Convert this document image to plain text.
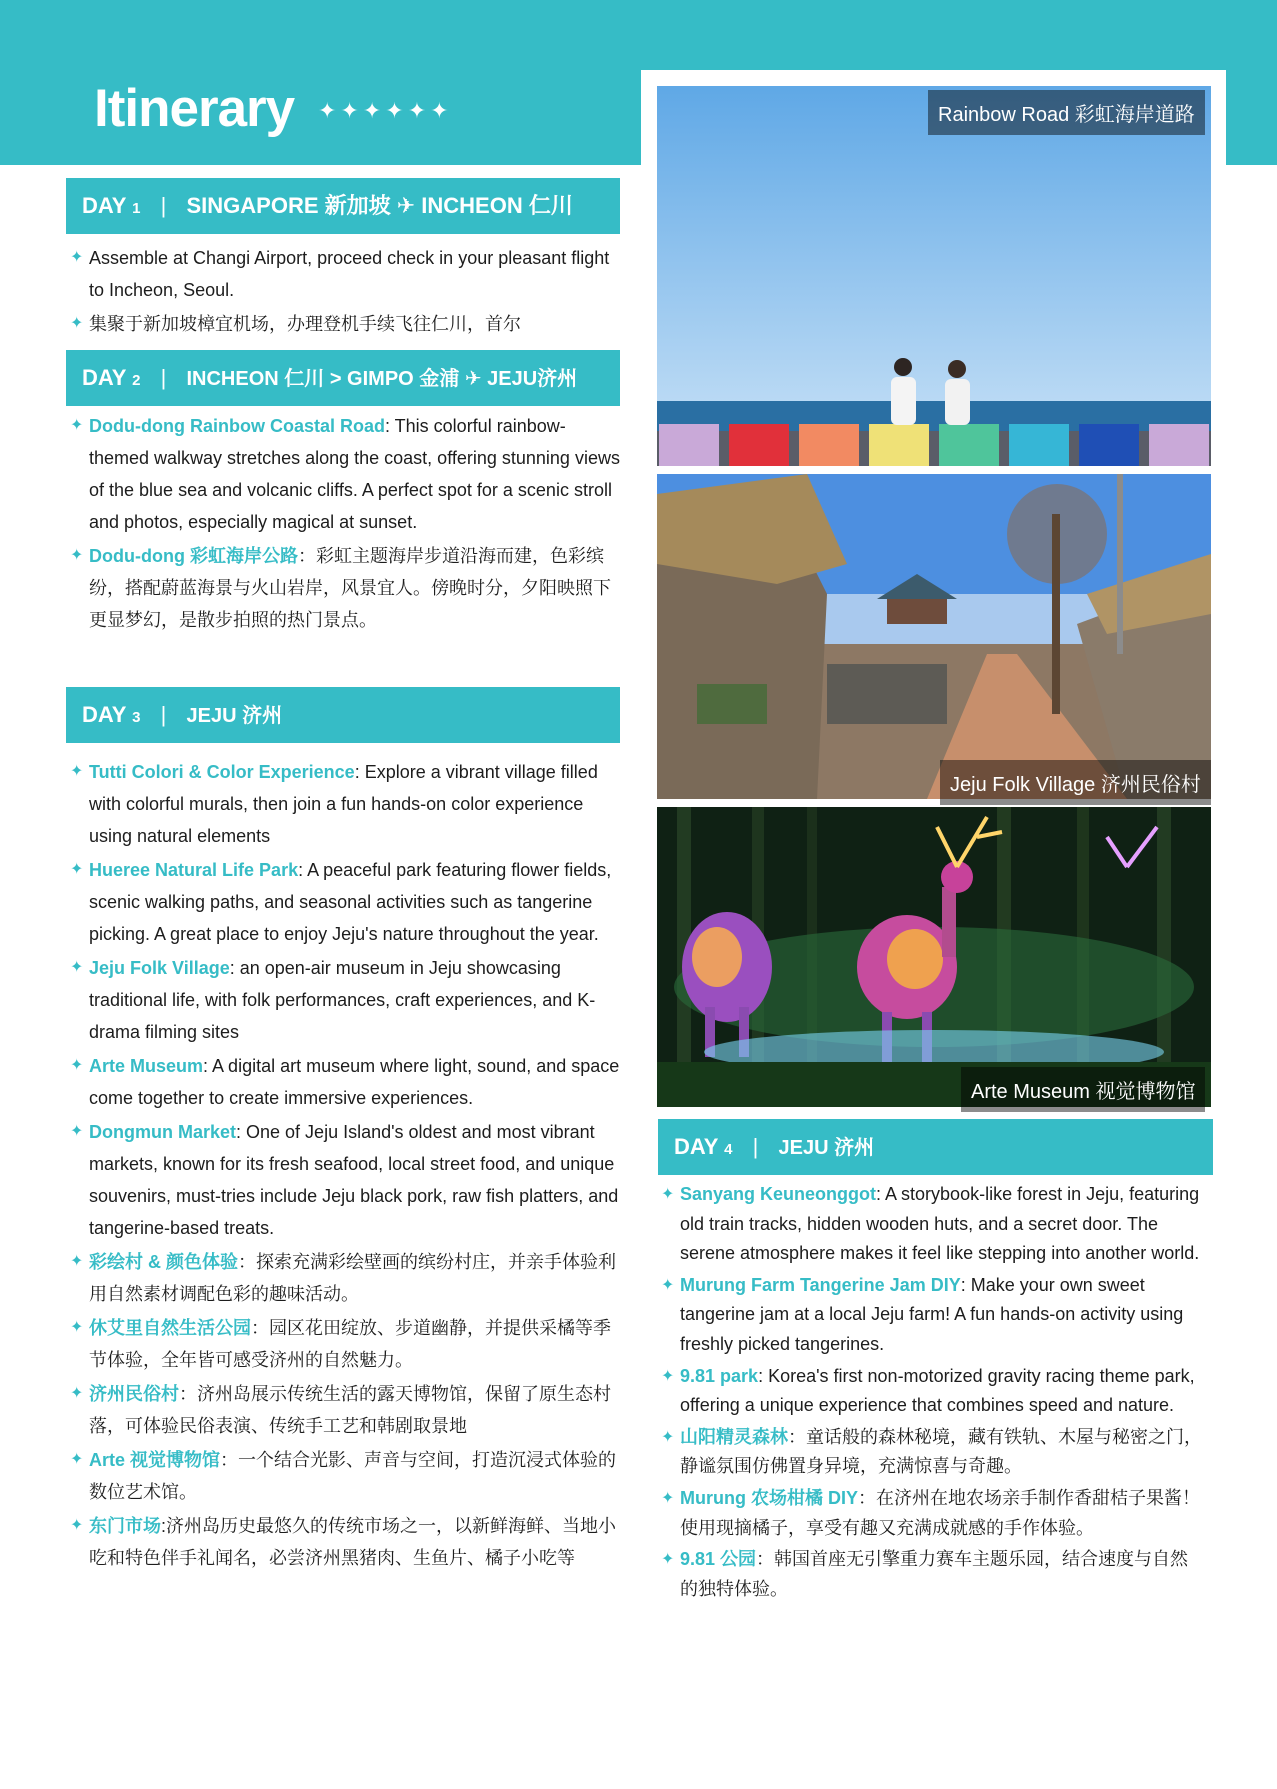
Itinerary ✦✦✦✦✦✦	Rainbow Road 彩虹海岸道路
Jeju Folk Village 济州民俗村
Arte Museum 视觉博物馆
DAY 1 | SINGAPORE 新加坡 ✈ INCHEON 仁川
✦ Assemble at Changi Airport, proceed check in your pleasant flight to Incheon, Seoul.
✦ 集聚于新加坡樟宜机场，办理登机手续飞往仁川，首尔
DAY 2 | INCHEON 仁川 > GIMPO 金浦 ✈ JEJU济州
✦ Dodu-dong Rainbow Coastal Road: This colorful rainbow-themed walkway stretches along the coast, offering stunning views of the blue sea and volcanic cliffs. A perfect spot for a scenic stroll and photos, especially magical at sunset.
✦ Dodu-dong 彩虹海岸公路：彩虹主题海岸步道沿海而建，色彩缤纷，搭配蔚蓝海景与火山岩岸，风景宜人。傍晚时分，夕阳映照下更显梦幻，是散步拍照的热门景点。
DAY 3 | JEJU 济州
✦ Tutti Colori & Color Experience: Explore a vibrant village filled with colorful murals, then join a fun hands-on color experience using natural elements
✦ Hueree Natural Life Park: A peaceful park featuring flower fields, scenic walking paths, and seasonal activities such as tangerine picking. A great place to enjoy Jeju's nature throughout the year.
✦ Jeju Folk Village: an open-air museum in Jeju showcasing traditional life, with folk performances, craft experiences, and K-drama filming sites
✦ Arte Museum: A digital art museum where light, sound, and space come together to create immersive experiences.
✦ Dongmun Market: One of Jeju Island's oldest and most vibrant markets, known for its fresh seafood, local street food, and unique souvenirs, must-tries include Jeju black pork, raw fish platters, and tangerine-based treats.
✦ 彩绘村 & 颜色体验：探索充满彩绘壁画的缤纷村庄，并亲手体验利用自然素材调配色彩的趣味活动。
✦ 休艾里自然生活公园：园区花田绽放、步道幽静，并提供采橘等季节体验，全年皆可感受济州的自然魅力。
✦ 济州民俗村：济州岛展示传统生活的露天博物馆，保留了原生态村落，可体验民俗表演、传统手工艺和韩剧取景地
✦ Arte 视觉博物馆：一个结合光影、声音与空间，打造沉浸式体验的数位艺术馆。
✦ 东门市场:济州岛历史最悠久的传统市场之一，以新鲜海鲜、当地小吃和特色伴手礼闻名，必尝济州黑猪肉、生鱼片、橘子小吃等
DAY 4 | JEJU 济州
✦ Sanyang Keuneonggot: A storybook-like forest in Jeju, featuring old train tracks, hidden wooden huts, and a secret door. The serene atmosphere makes it feel like stepping into another world.
✦ Murung Farm Tangerine Jam DIY: Make your own sweet tangerine jam at a local Jeju farm! A fun hands-on activity using freshly picked tangerines.
✦ 9.81 park: Korea's first non-motorized gravity racing theme park, offering a unique experience that combines speed and nature.
✦ 山阳精灵森林：童话般的森林秘境，藏有铁轨、木屋与秘密之门，静谧氛围仿佛置身异境，充满惊喜与奇趣。
✦ Murung 农场柑橘 DIY：在济州在地农场亲手制作香甜桔子果酱！使用现摘橘子，享受有趣又充满成就感的手作体验。
✦ 9.81 公园：韩国首座无引擎重力赛车主题乐园，结合速度与自然的独特体验。
